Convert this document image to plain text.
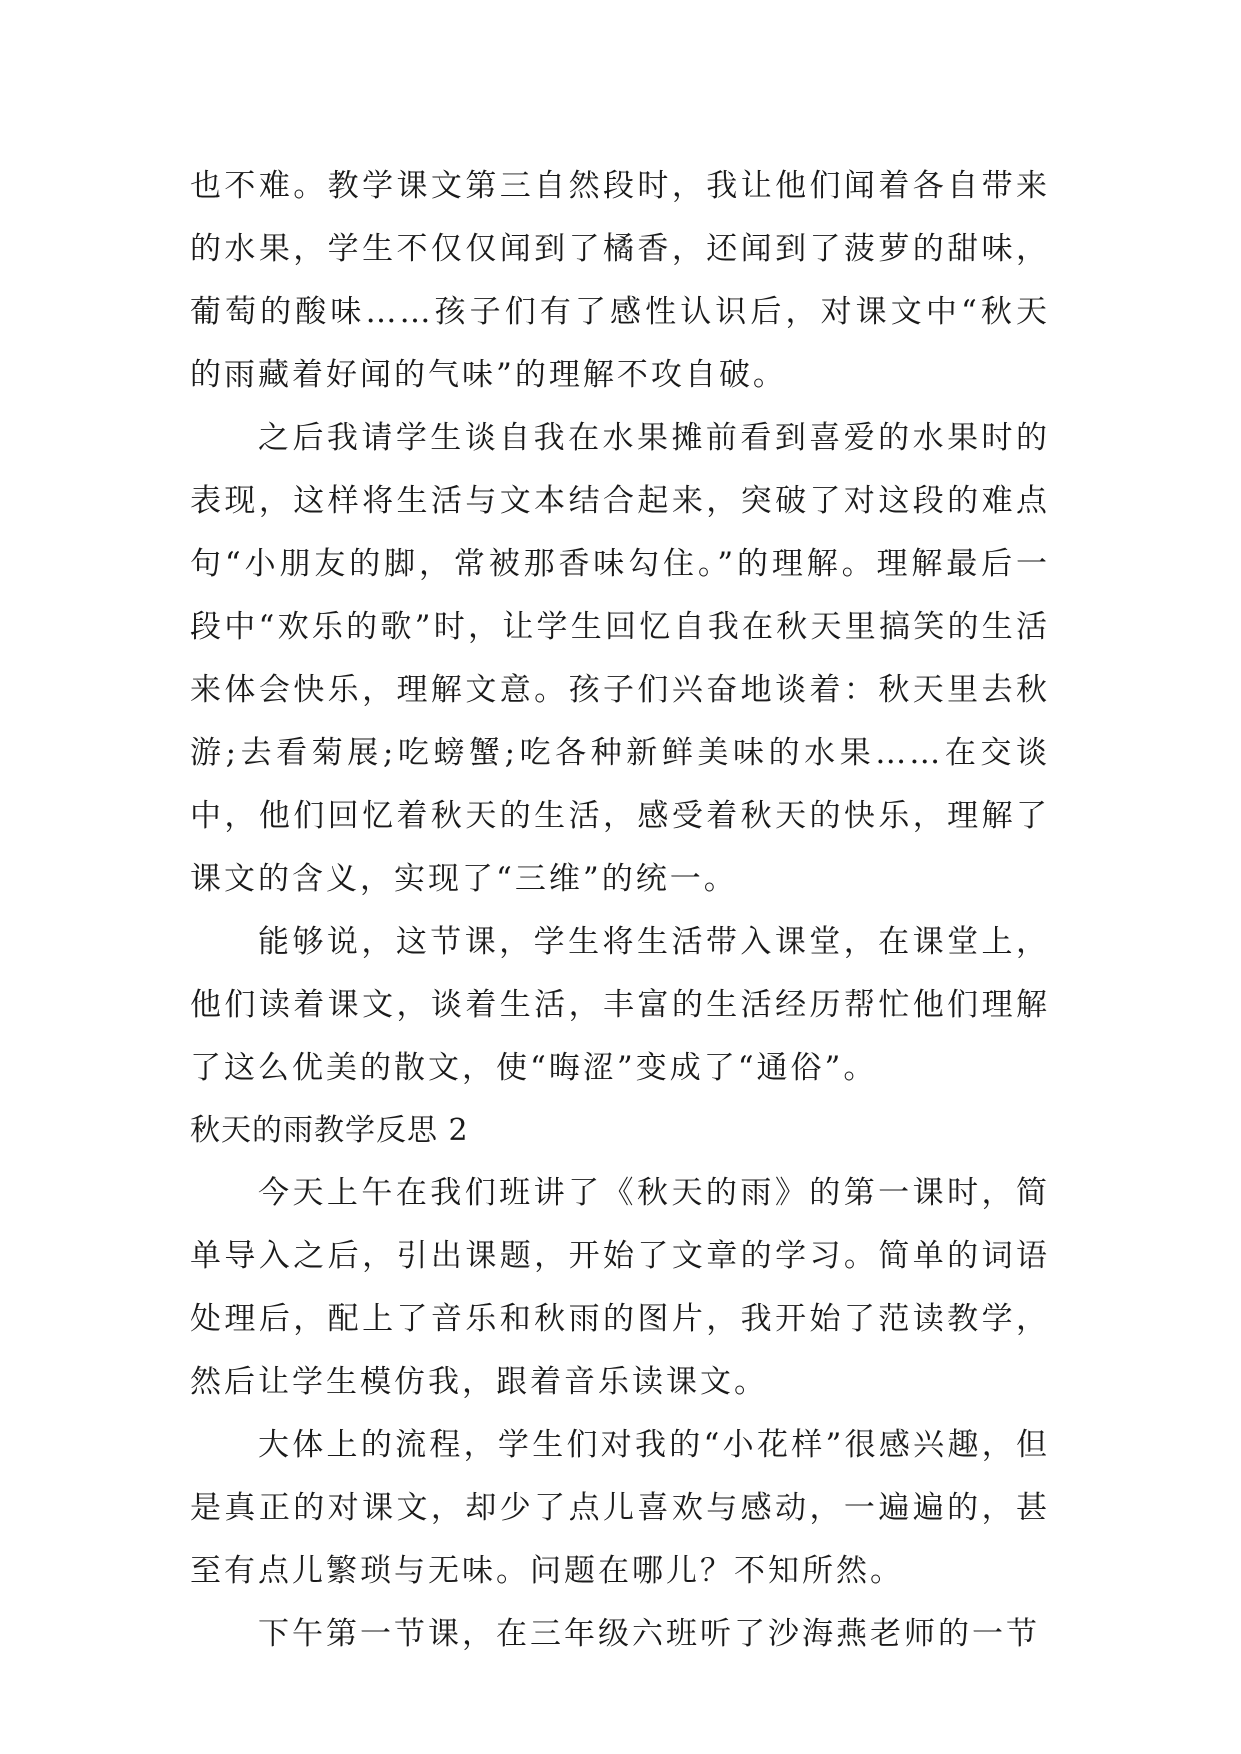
也不难。教学课文第三自然段时，我让他们闻着各自带来的水果，学生不仅仅闻到了橘香，还闻到了菠萝的甜味，葡萄的酸味……孩子们有了感性认识后，对课文中“秋天的雨藏着好闻的气味”的理解不攻自破。

之后我请学生谈自我在水果摊前看到喜爱的水果时的表现，这样将生活与文本结合起来，突破了对这段的难点句“小朋友的脚，常被那香味勾住。”的理解。理解最后一段中“欢乐的歌”时，让学生回忆自我在秋天里搞笑的生活来体会快乐，理解文意。孩子们兴奋地谈着：秋天里去秋游;去看菊展;吃螃蟹;吃各种新鲜美味的水果……在交谈中，他们回忆着秋天的生活，感受着秋天的快乐，理解了课文的含义，实现了“三维”的统一。

能够说，这节课，学生将生活带入课堂，在课堂上，他们读着课文，谈着生活，丰富的生活经历帮忙他们理解了这么优美的散文，使“晦涩”变成了“通俗”。

秋天的雨教学反思 2

今天上午在我们班讲了《秋天的雨》的第一课时，简单导入之后，引出课题，开始了文章的学习。简单的词语处理后，配上了音乐和秋雨的图片，我开始了范读教学，然后让学生模仿我，跟着音乐读课文。

大体上的流程，学生们对我的“小花样”很感兴趣，但是真正的对课文，却少了点儿喜欢与感动，一遍遍的，甚至有点儿繁琐与无味。问题在哪儿？不知所然。

下午第一节课，在三年级六班听了沙海燕老师的一节
